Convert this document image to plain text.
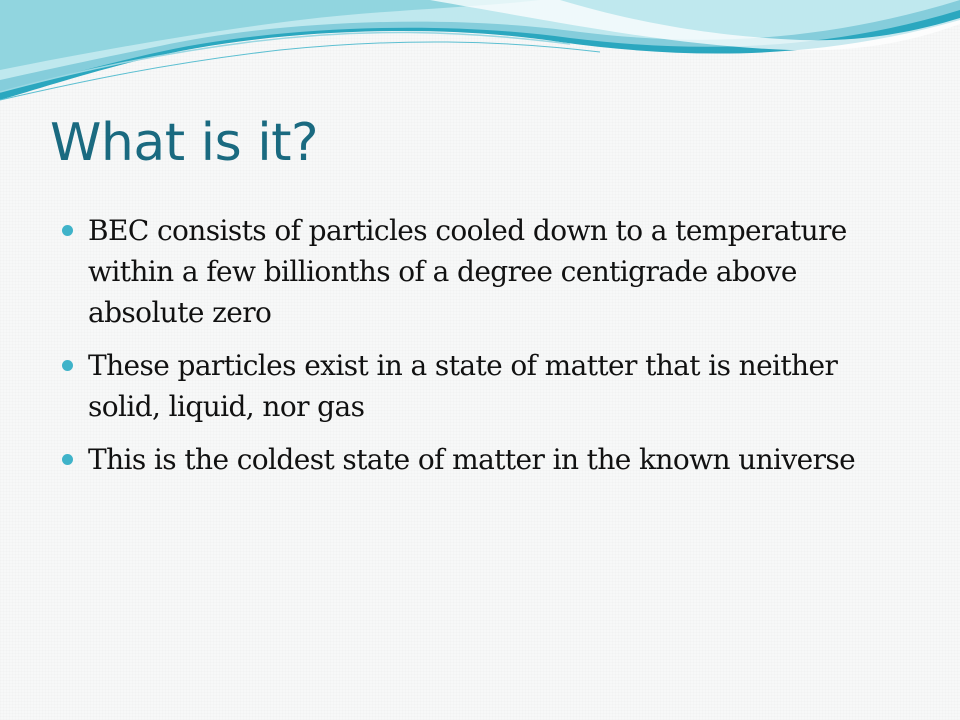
What is it?
BEC consists of particles cooled down to a temperature within a few billionths of a degree centigrade above absolute zero
These particles exist in a state of matter that is neither solid, liquid, nor gas
This is the coldest state of matter in the known universe
